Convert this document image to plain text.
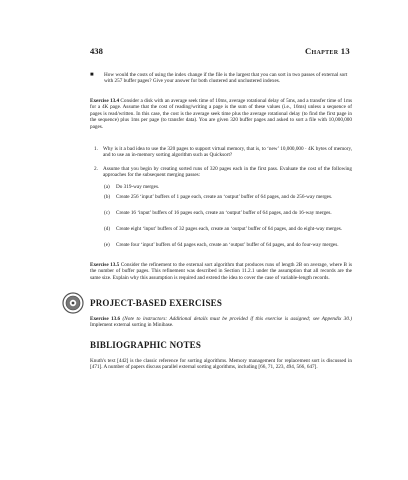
438	Chapter 13
■ How would the costs of using the index change if the file is the largest that you can sort in two passes of external sort with 257 buffer pages? Give your answer for both clustered and unclustered indexes.
Exercise 13.4 Consider a disk with an average seek time of 10ms, average rotational delay of 5ms, and a transfer time of 1ms for a 4K page. Assume that the cost of reading/writing a page is the sum of these values (i.e., 16ms) unless a sequence of pages is read/written. In this case, the cost is the average seek time plus the average rotational delay (to find the first page in the sequence) plus 1ms per page (to transfer data). You are given 320 buffer pages and asked to sort a file with 10,000,000 pages.
1. Why is it a bad idea to use the 320 pages to support virtual memory, that is, to ‘new’ 10,000,000 · 4K bytes of memory, and to use an in-memory sorting algorithm such as Quicksort?
2. Assume that you begin by creating sorted runs of 320 pages each in the first pass. Evaluate the cost of the following approaches for the subsequent merging passes:
(a) Do 319-way merges.
(b) Create 256 ‘input’ buffers of 1 page each, create an ‘output’ buffer of 64 pages, and do 256-way merges.
(c) Create 16 ‘input’ buffers of 16 pages each, create an ‘output’ buffer of 64 pages, and do 16-way merges.
(d) Create eight ‘input’ buffers of 32 pages each, create an ‘output’ buffer of 64 pages, and do eight-way merges.
(e) Create four ‘input’ buffers of 64 pages each, create an ‘output’ buffer of 64 pages, and do four-way merges.
Exercise 13.5 Consider the refinement to the external sort algorithm that produces runs of length 2B on average, where B is the number of buffer pages. This refinement was described in Section 11.2.1 under the assumption that all records are the same size. Explain why this assumption is required and extend the idea to cover the case of variable-length records.
PROJECT-BASED EXERCISES
Exercise 13.6 (Note to instructors: Additional details must be provided if this exercise is assigned; see Appendix 30.) Implement external sorting in Minibase.
BIBLIOGRAPHIC NOTES
Knuth's text [442] is the classic reference for sorting algorithms. Memory management for replacement sort is discussed in [471]. A number of papers discuss parallel external sorting algorithms, including [66, 71, 223, 494, 566, 647].
